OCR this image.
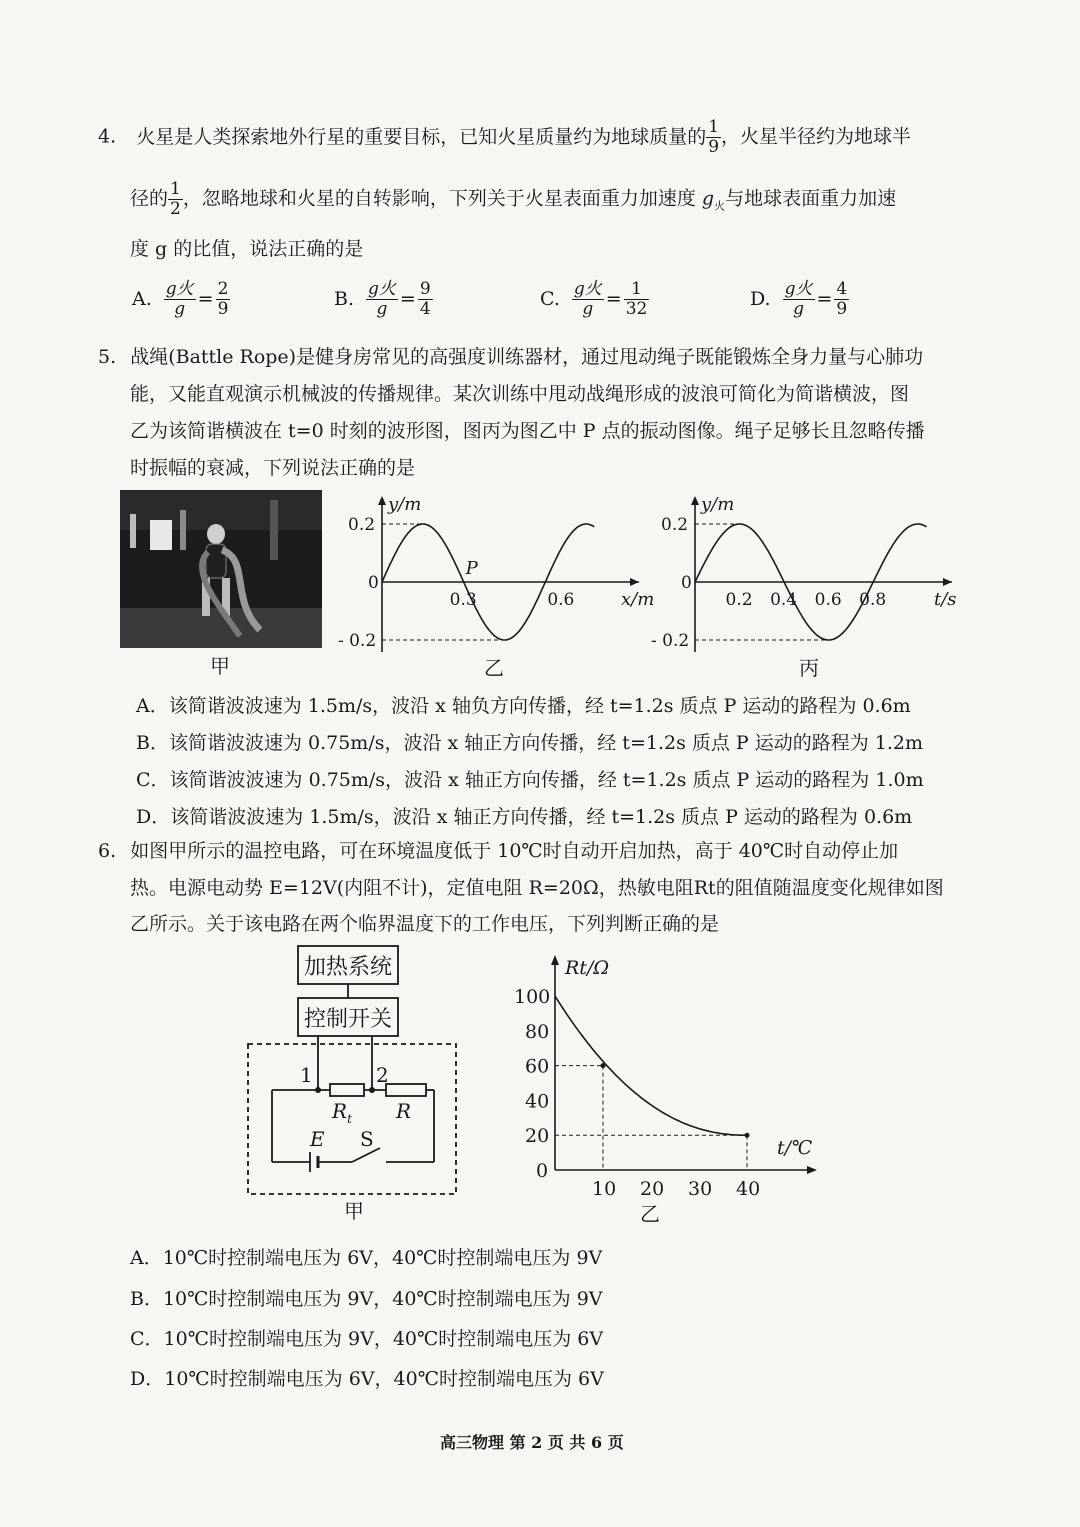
4. 火星是人类探索地外行星的重要目标，已知火星质量约为地球质量的 $\frac{1}{9}$ ，火星半径约为地球半
径的 $\frac{1}{2}$ ，忽略地球和火星的自转影响，下列关于火星表面重力加速度 $g_火$与地球表面重力加速
度 g 的比值，说法正确的是
A. $\frac{\text{g火}}{g} = \frac{2}{9}$	B. $\frac{\text{g火}}{g} = \frac{9}{4}$	C. $\frac{\text{g火}}{g} = \frac{1}{32}$	D. $\frac{\text{g火}}{g} = \frac{4}{9}$
5. 战绳(Battle Rope)是健身房常见的高强度训练器材，通过甩动绳子既能锻炼全身力量与心肺功
能，又能直观演示机械波的传播规律。某次训练中甩动战绳形成的波浪可简化为简谐横波，图
乙为该简谐横波在 t=0 时刻的波形图，图丙为图乙中 P 点的振动图像。绳子足够长且忽略传播
时振幅的衰减，下列说法正确的是
甲
0.2
0
- 0.2
y/m
x/m
0.3	0.6
P
乙
0.2
0
- 0.2
y/m
t/s
0.2 0.4 0.6 0.8
丙
A．该简谐波波速为 1.5m/s，波沿 x 轴负方向传播，经 t=1.2s 质点 P 运动的路程为 0.6m
B．该简谐波波速为 0.75m/s，波沿 x 轴正方向传播，经 t=1.2s 质点 P 运动的路程为 1.2m
C．该简谐波波速为 0.75m/s，波沿 x 轴正方向传播，经 t=1.2s 质点 P 运动的路程为 1.0m
D．该简谐波波速为 1.5m/s，波沿 x 轴正方向传播，经 t=1.2s 质点 P 运动的路程为 0.6m
6. 如图甲所示的温控电路，可在环境温度低于 10℃时自动开启加热，高于 40℃时自动停止加
热。电源电动势 E=12V(内阻不计)，定值电阻 R=20Ω，热敏电阻Rt的阻值随温度变化规律如图
乙所示。关于该电路在两个临界温度下的工作电压，下列判断正确的是
加热系统
控制开关
1	2
$R_t$ R
E S
甲
0
20
40
60
80
100
10 20 30 40
Rt/Ω
t/℃
乙
A．10℃时控制端电压为 6V，40℃时控制端电压为 9V
B．10℃时控制端电压为 9V，40℃时控制端电压为 9V
C．10℃时控制端电压为 9V，40℃时控制端电压为 6V
D．10℃时控制端电压为 6V，40℃时控制端电压为 6V
高三物理 第 2 页 共 6 页
